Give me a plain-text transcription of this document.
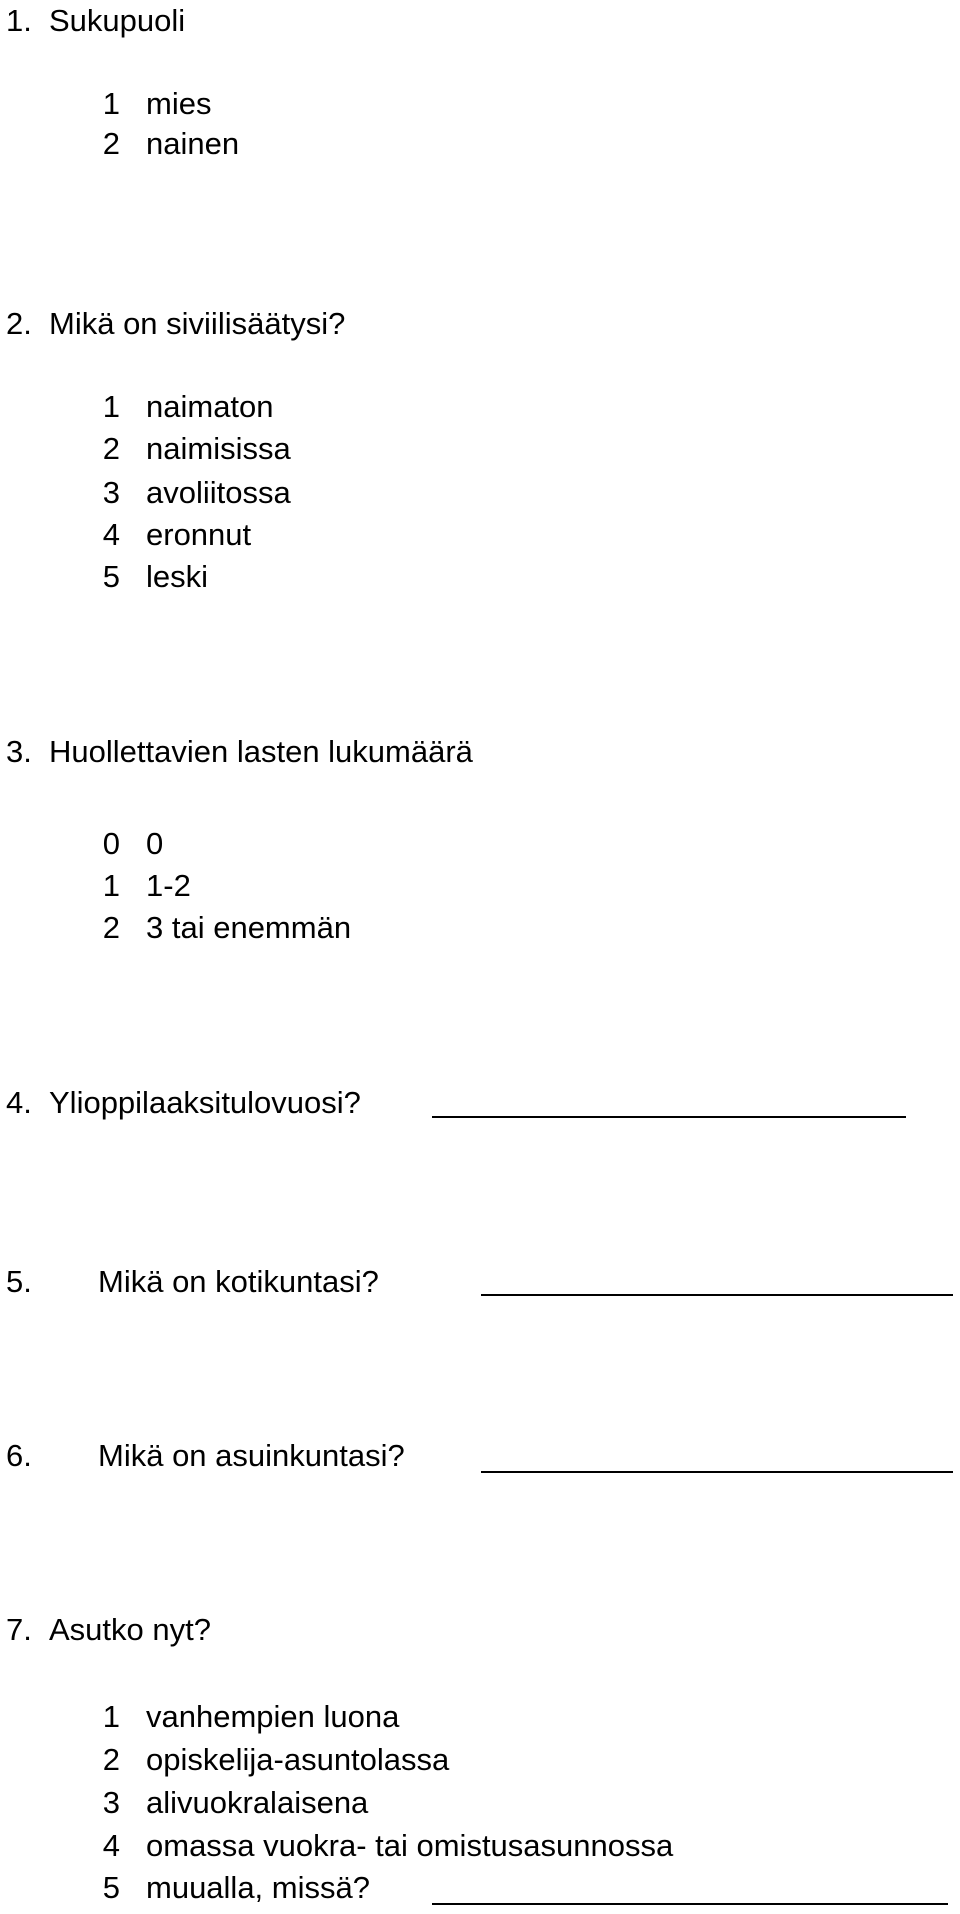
1. Sukupuoli
1 mies
2 nainen
2. Mikä on siviilisäätysi?
1 naimaton
2 naimisissa
3 avoliitossa
4 eronnut
5 leski
3. Huollettavien lasten lukumäärä
0 0
1 1-2
2 3 tai enemmän
4. Ylioppilaaksitulovuosi?
5. Mikä on kotikuntasi?
6. Mikä on asuinkuntasi?
7. Asutko nyt?
1 vanhempien luona
2 opiskelija-asuntolassa
3 alivuokralaisena
4 omassa vuokra- tai omistusasunnossa
5 muualla, missä?
